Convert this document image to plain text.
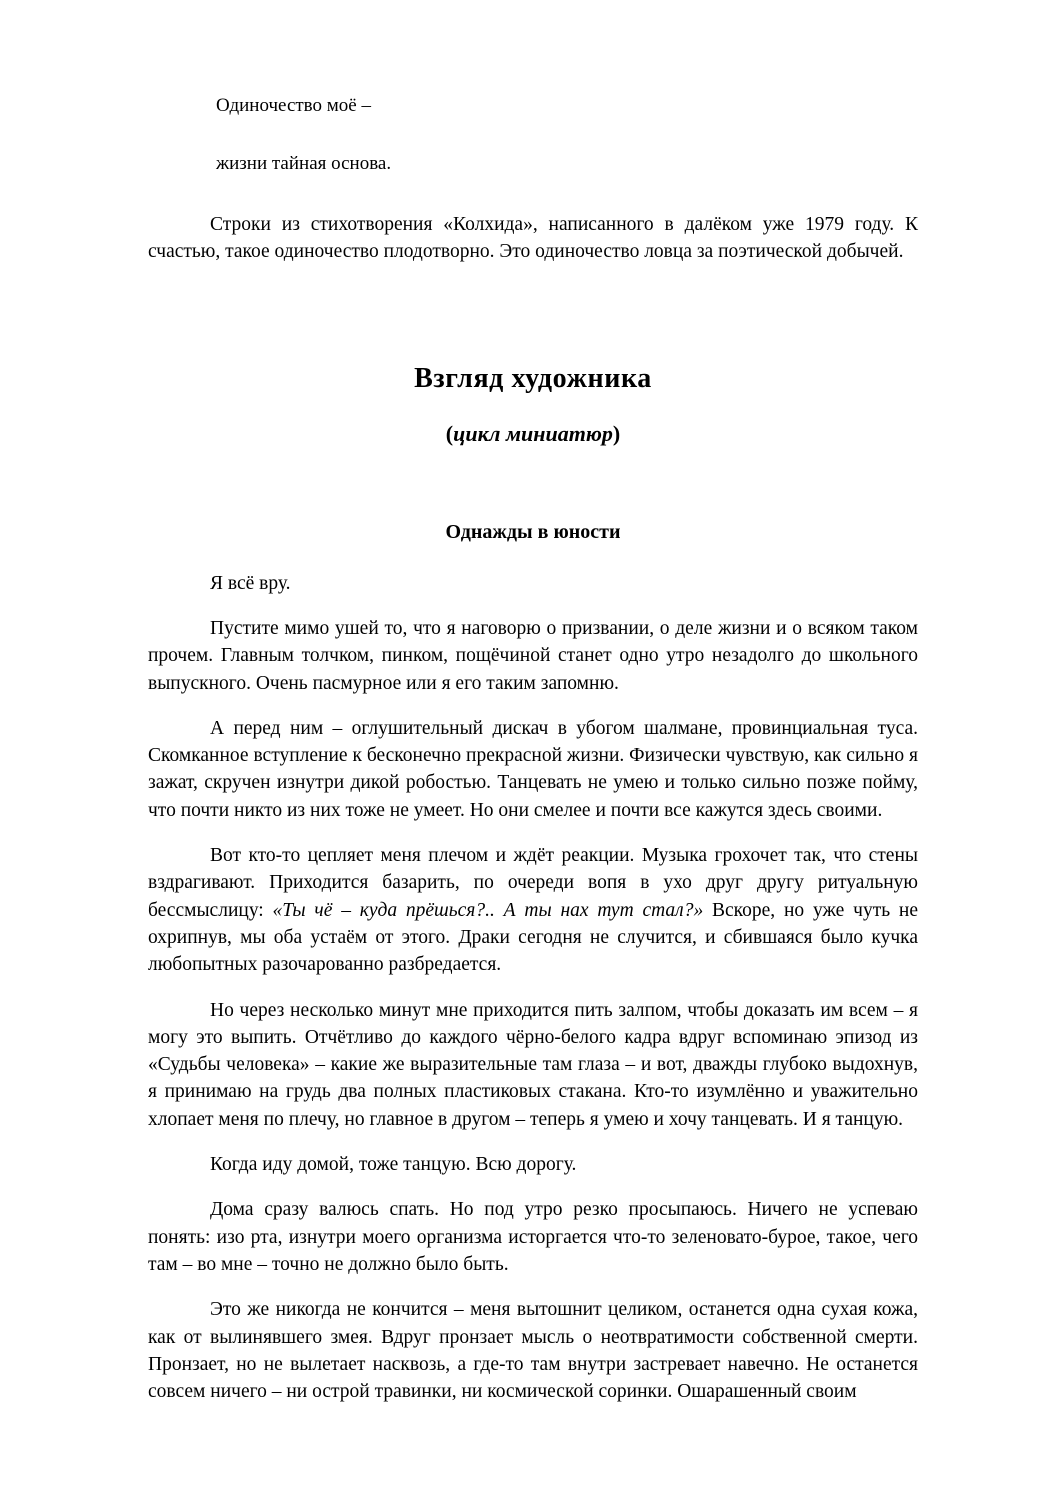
Одиночество моё –
жизни тайная основа.

Строки из стихотворения «Колхида», написанного в далёком уже 1979 году. К счастью, такое одиночество плодотворно. Это одиночество ловца за поэтической добычей.

Взгляд художника
(цикл миниатюр)
Однажды в юности
Я всё вру.

Пустите мимо ушей то, что я наговорю о призвании, о деле жизни и о всяком таком прочем. Главным толчком, пинком, пощёчиной станет одно утро незадолго до школьного выпускного. Очень пасмурное или я его таким запомню.

А перед ним – оглушительный дискач в убогом шалмане, провинциальная туса. Скомканное вступление к бесконечно прекрасной жизни. Физически чувствую, как сильно я зажат, скручен изнутри дикой робостью. Танцевать не умею и только сильно позже пойму, что почти никто из них тоже не умеет. Но они смелее и почти все кажутся здесь своими.

Вот кто-то цепляет меня плечом и ждёт реакции. Музыка грохочет так, что стены вздрагивают. Приходится базарить, по очереди вопя в ухо друг другу ритуальную бессмыслицу: «Ты чё – куда прёшься?.. А ты нах тут стал?» Вскоре, но уже чуть не охрипнув, мы оба устаём от этого. Драки сегодня не случится, и сбившаяся было кучка любопытных разочарованно разбредается.

Но через несколько минут мне приходится пить залпом, чтобы доказать им всем – я могу это выпить. Отчётливо до каждого чёрно-белого кадра вдруг вспоминаю эпизод из «Судьбы человека» – какие же выразительные там глаза – и вот, дважды глубоко выдохнув, я принимаю на грудь два полных пластиковых стакана. Кто-то изумлённо и уважительно хлопает меня по плечу, но главное в другом – теперь я умею и хочу танцевать. И я танцую.

Когда иду домой, тоже танцую. Всю дорогу.

Дома сразу валюсь спать. Но под утро резко просыпаюсь. Ничего не успеваю понять: изо рта, изнутри моего организма исторгается что-то зеленовато-бурое, такое, чего там – во мне – точно не должно было быть.

Это же никогда не кончится – меня вытошнит целиком, останется одна сухая кожа, как от вылинявшего змея. Вдруг пронзает мысль о неотвратимости собственной смерти. Пронзает, но не вылетает насквозь, а где-то там внутри застревает навечно. Не останется совсем ничего – ни острой травинки, ни космической соринки. Ошарашенный своим
